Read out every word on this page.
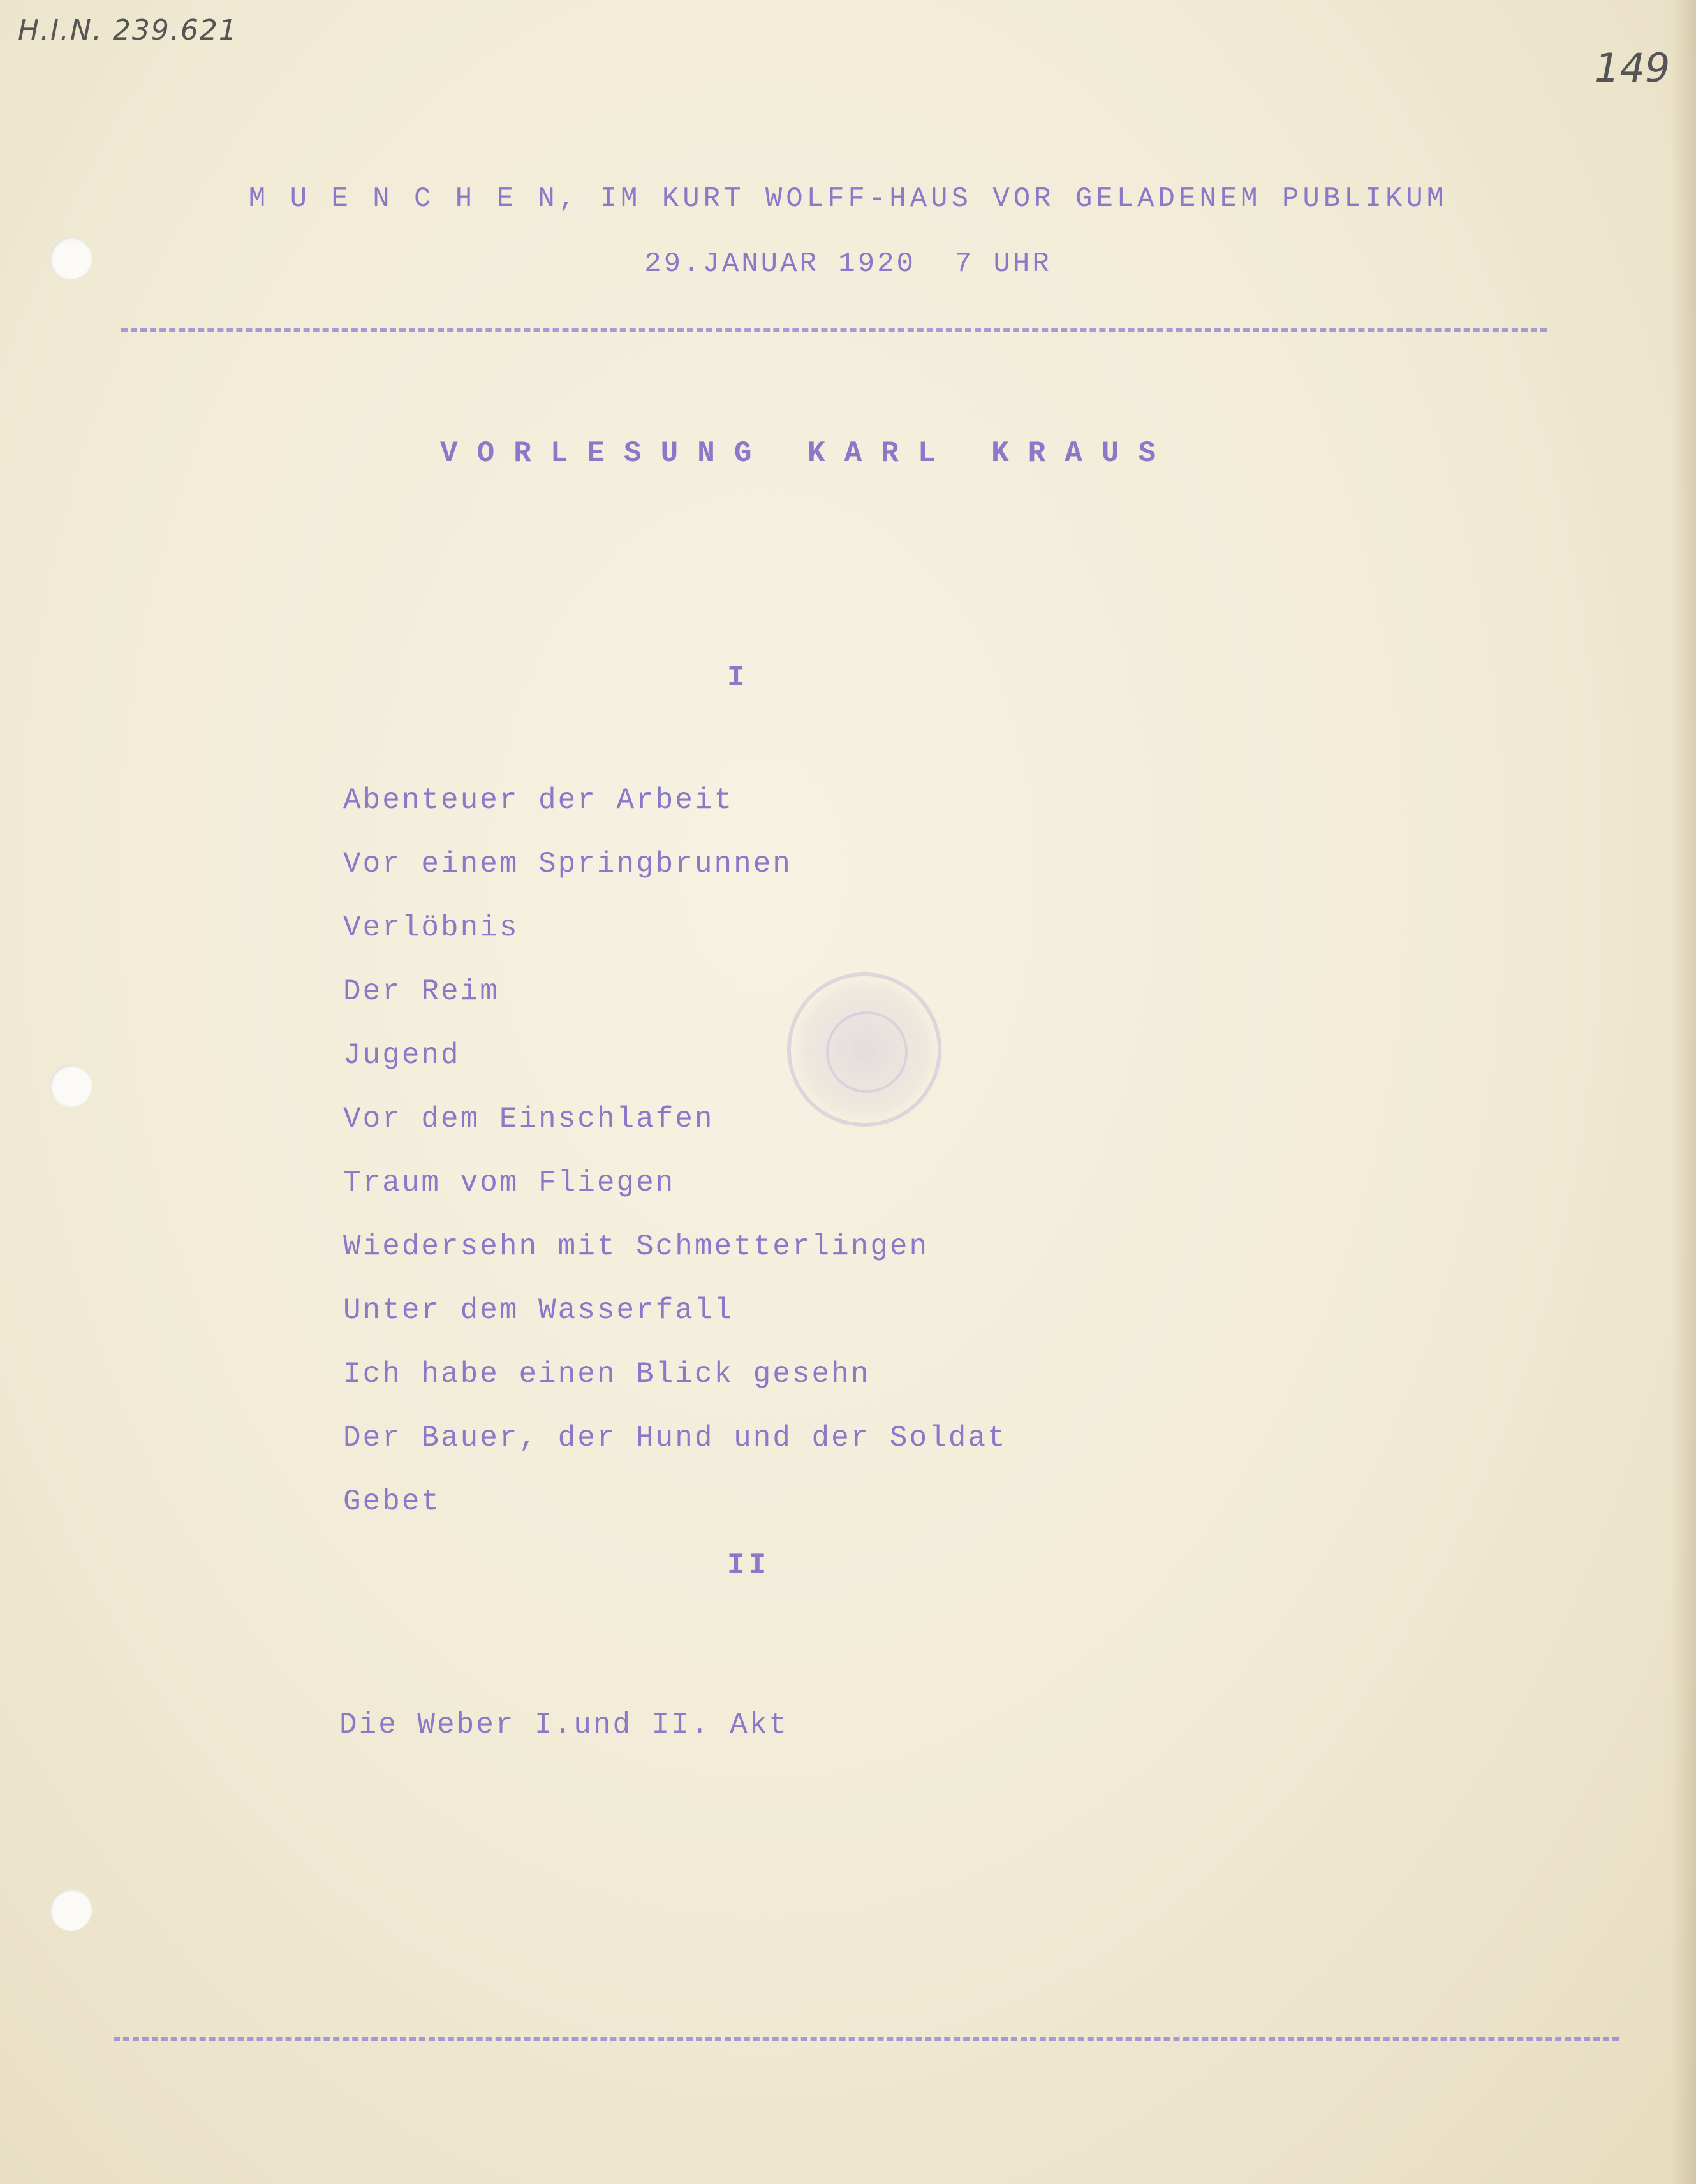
H.I.N. 239.621
149
M U E N C H E N, IM KURT WOLFF-HAUS VOR GELADENEM PUBLIKUM
29.JANUAR 1920  7 UHR
VORLESUNG KARL KRAUS
I
Abenteuer der Arbeit
Vor einem Springbrunnen
Verlöbnis
Der Reim
Jugend
Vor dem Einschlafen
Traum vom Fliegen
Wiedersehn mit Schmetterlingen
Unter dem Wasserfall
Ich habe einen Blick gesehn
Der Bauer, der Hund und der Soldat
Gebet
II
Die Weber I.und II. Akt
